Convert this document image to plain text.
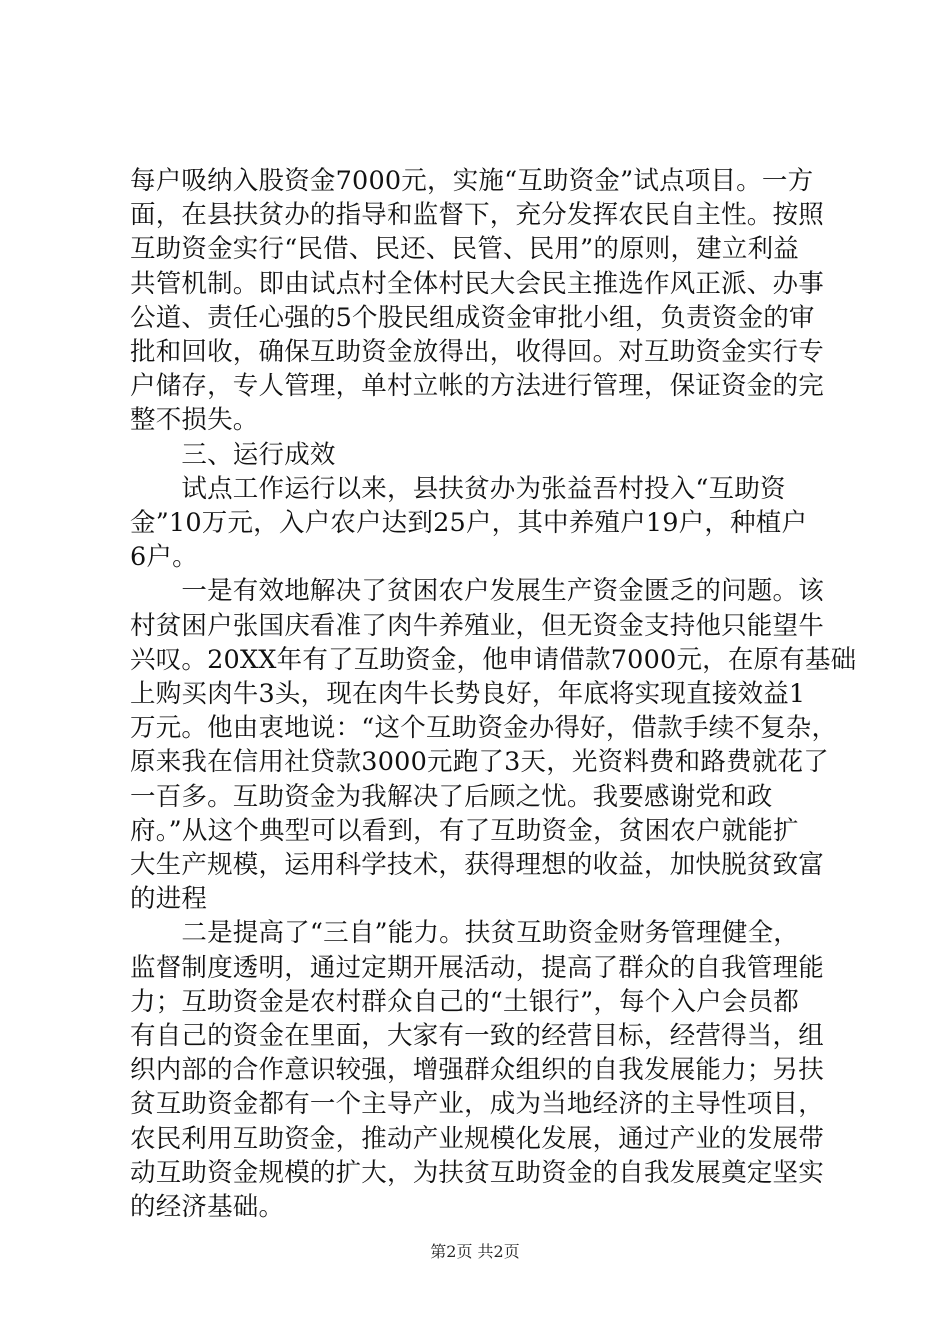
每户吸纳入股资金7000元，实施“互助资金”试点项目。一方
面，在县扶贫办的指导和监督下，充分发挥农民自主性。按照
互助资金实行“民借、民还、民管、民用”的原则，建立利益
共管机制。即由试点村全体村民大会民主推选作风正派、办事
公道、责任心强的5个股民组成资金审批小组，负责资金的审
批和回收，确保互助资金放得出，收得回。对互助资金实行专
户储存，专人管理，单村立帐的方法进行管理，保证资金的完
整不损失。
　　三、运行成效
　　试点工作运行以来，县扶贫办为张益吾村投入“互助资
金”10万元，入户农户达到25户，其中养殖户19户，种植户
6户。
　　一是有效地解决了贫困农户发展生产资金匮乏的问题。该
村贫困户张国庆看准了肉牛养殖业，但无资金支持他只能望牛
兴叹。20XX年有了互助资金，他申请借款7000元，在原有基础
上购买肉牛3头，现在肉牛长势良好，年底将实现直接效益1
万元。他由衷地说：“这个互助资金办得好，借款手续不复杂，
原来我在信用社贷款3000元跑了3天，光资料费和路费就花了
一百多。互助资金为我解决了后顾之忧。我要感谢党和政
府。”从这个典型可以看到，有了互助资金，贫困农户就能扩
大生产规模，运用科学技术，获得理想的收益，加快脱贫致富
的进程
　　二是提高了“三自”能力。扶贫互助资金财务管理健全，
监督制度透明，通过定期开展活动，提高了群众的自我管理能
力；互助资金是农村群众自己的“土银行”，每个入户会员都
有自己的资金在里面，大家有一致的经营目标，经营得当，组
织内部的合作意识较强，增强群众组织的自我发展能力；另扶
贫互助资金都有一个主导产业，成为当地经济的主导性项目，
农民利用互助资金，推动产业规模化发展，通过产业的发展带
动互助资金规模的扩大，为扶贫互助资金的自我发展奠定坚实
的经济基础。
第2页 共2页
